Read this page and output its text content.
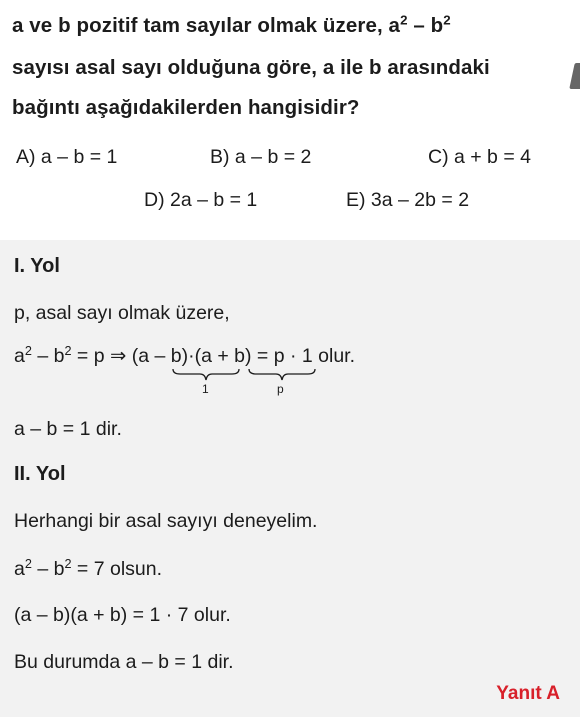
a ve b pozitif tam sayılar olmak üzere, $a^2 - b^2$
sayısı asal sayı olduğuna göre, a ile b arasındaki
bağıntı aşağıdakilerden hangisidir?
A) a – b = 1	B) a – b = 2	C) a + b = 4
D) 2a – b = 1	E) 3a – 2b = 2
I. Yol
p, asal sayı olmak üzere,
$a^2 - b^2 = p$ ⇒ (a – b)·(a + b) = p · 1 olur.
1	p
a – b = 1 dir.
II. Yol
Herhangi bir asal sayıyı deneyelim.
$a^2 - b^2 = 7$ olsun.
(a – b)(a + b) = 1 · 7 olur.
Bu durumda a – b = 1 dir.
Yanıt A
